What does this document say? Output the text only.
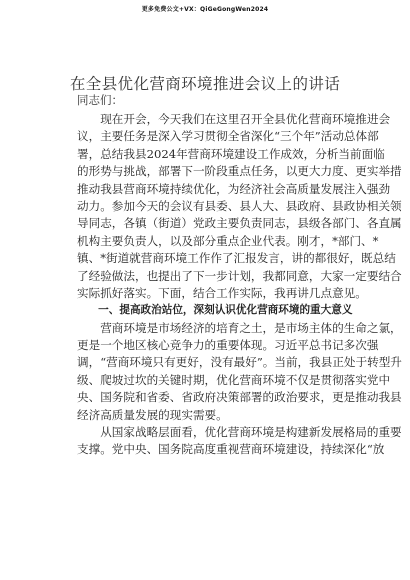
更多免费公文+VX：QiGeGongWen2024
在全县优化营商环境推进会议上的讲话
同志们：
　　现在开会，今天我们在这里召开全县优化营商环境推进会
议，主要任务是深入学习贯彻全省深化“三个年”活动总体部
署，总结我县2024年营商环境建设工作成效，分析当前面临
的形势与挑战，部署下一阶段重点任务，以更大力度、更实举措
推动我县营商环境持续优化，为经济社会高质量发展注入强劲
动力。参加今天的会议有县委、县人大、县政府、县政协相关领
导同志，各镇（街道）党政主要负责同志，县级各部门、各直属
机构主要负责人，以及部分重点企业代表。刚才，*部门、*
镇、*街道就营商环境工作作了汇报发言，讲的都很好，既总结
了经验做法，也提出了下一步计划，我都同意，大家一定要结合
实际抓好落实。下面，结合工作实际，我再讲几点意见。
　　一、提高政治站位，深刻认识优化营商环境的重大意义
　　营商环境是市场经济的培育之土，是市场主体的生命之氯，
更是一个地区核心竞争力的重要体现。习近平总书记多次强
调，“营商环境只有更好，没有最好”。当前，我县正处于转型升
级、爬坡过坎的关键时期，优化营商环境不仅是贯彻落实党中
央、国务院和省委、省政府决策部署的政治要求，更是推动我县
经济高质量发展的现实需要。
　　从国家战略层面看，优化营商环境是构建新发展格局的重要
支撑。党中央、国务院高度重视营商环境建设，持续深化“放
